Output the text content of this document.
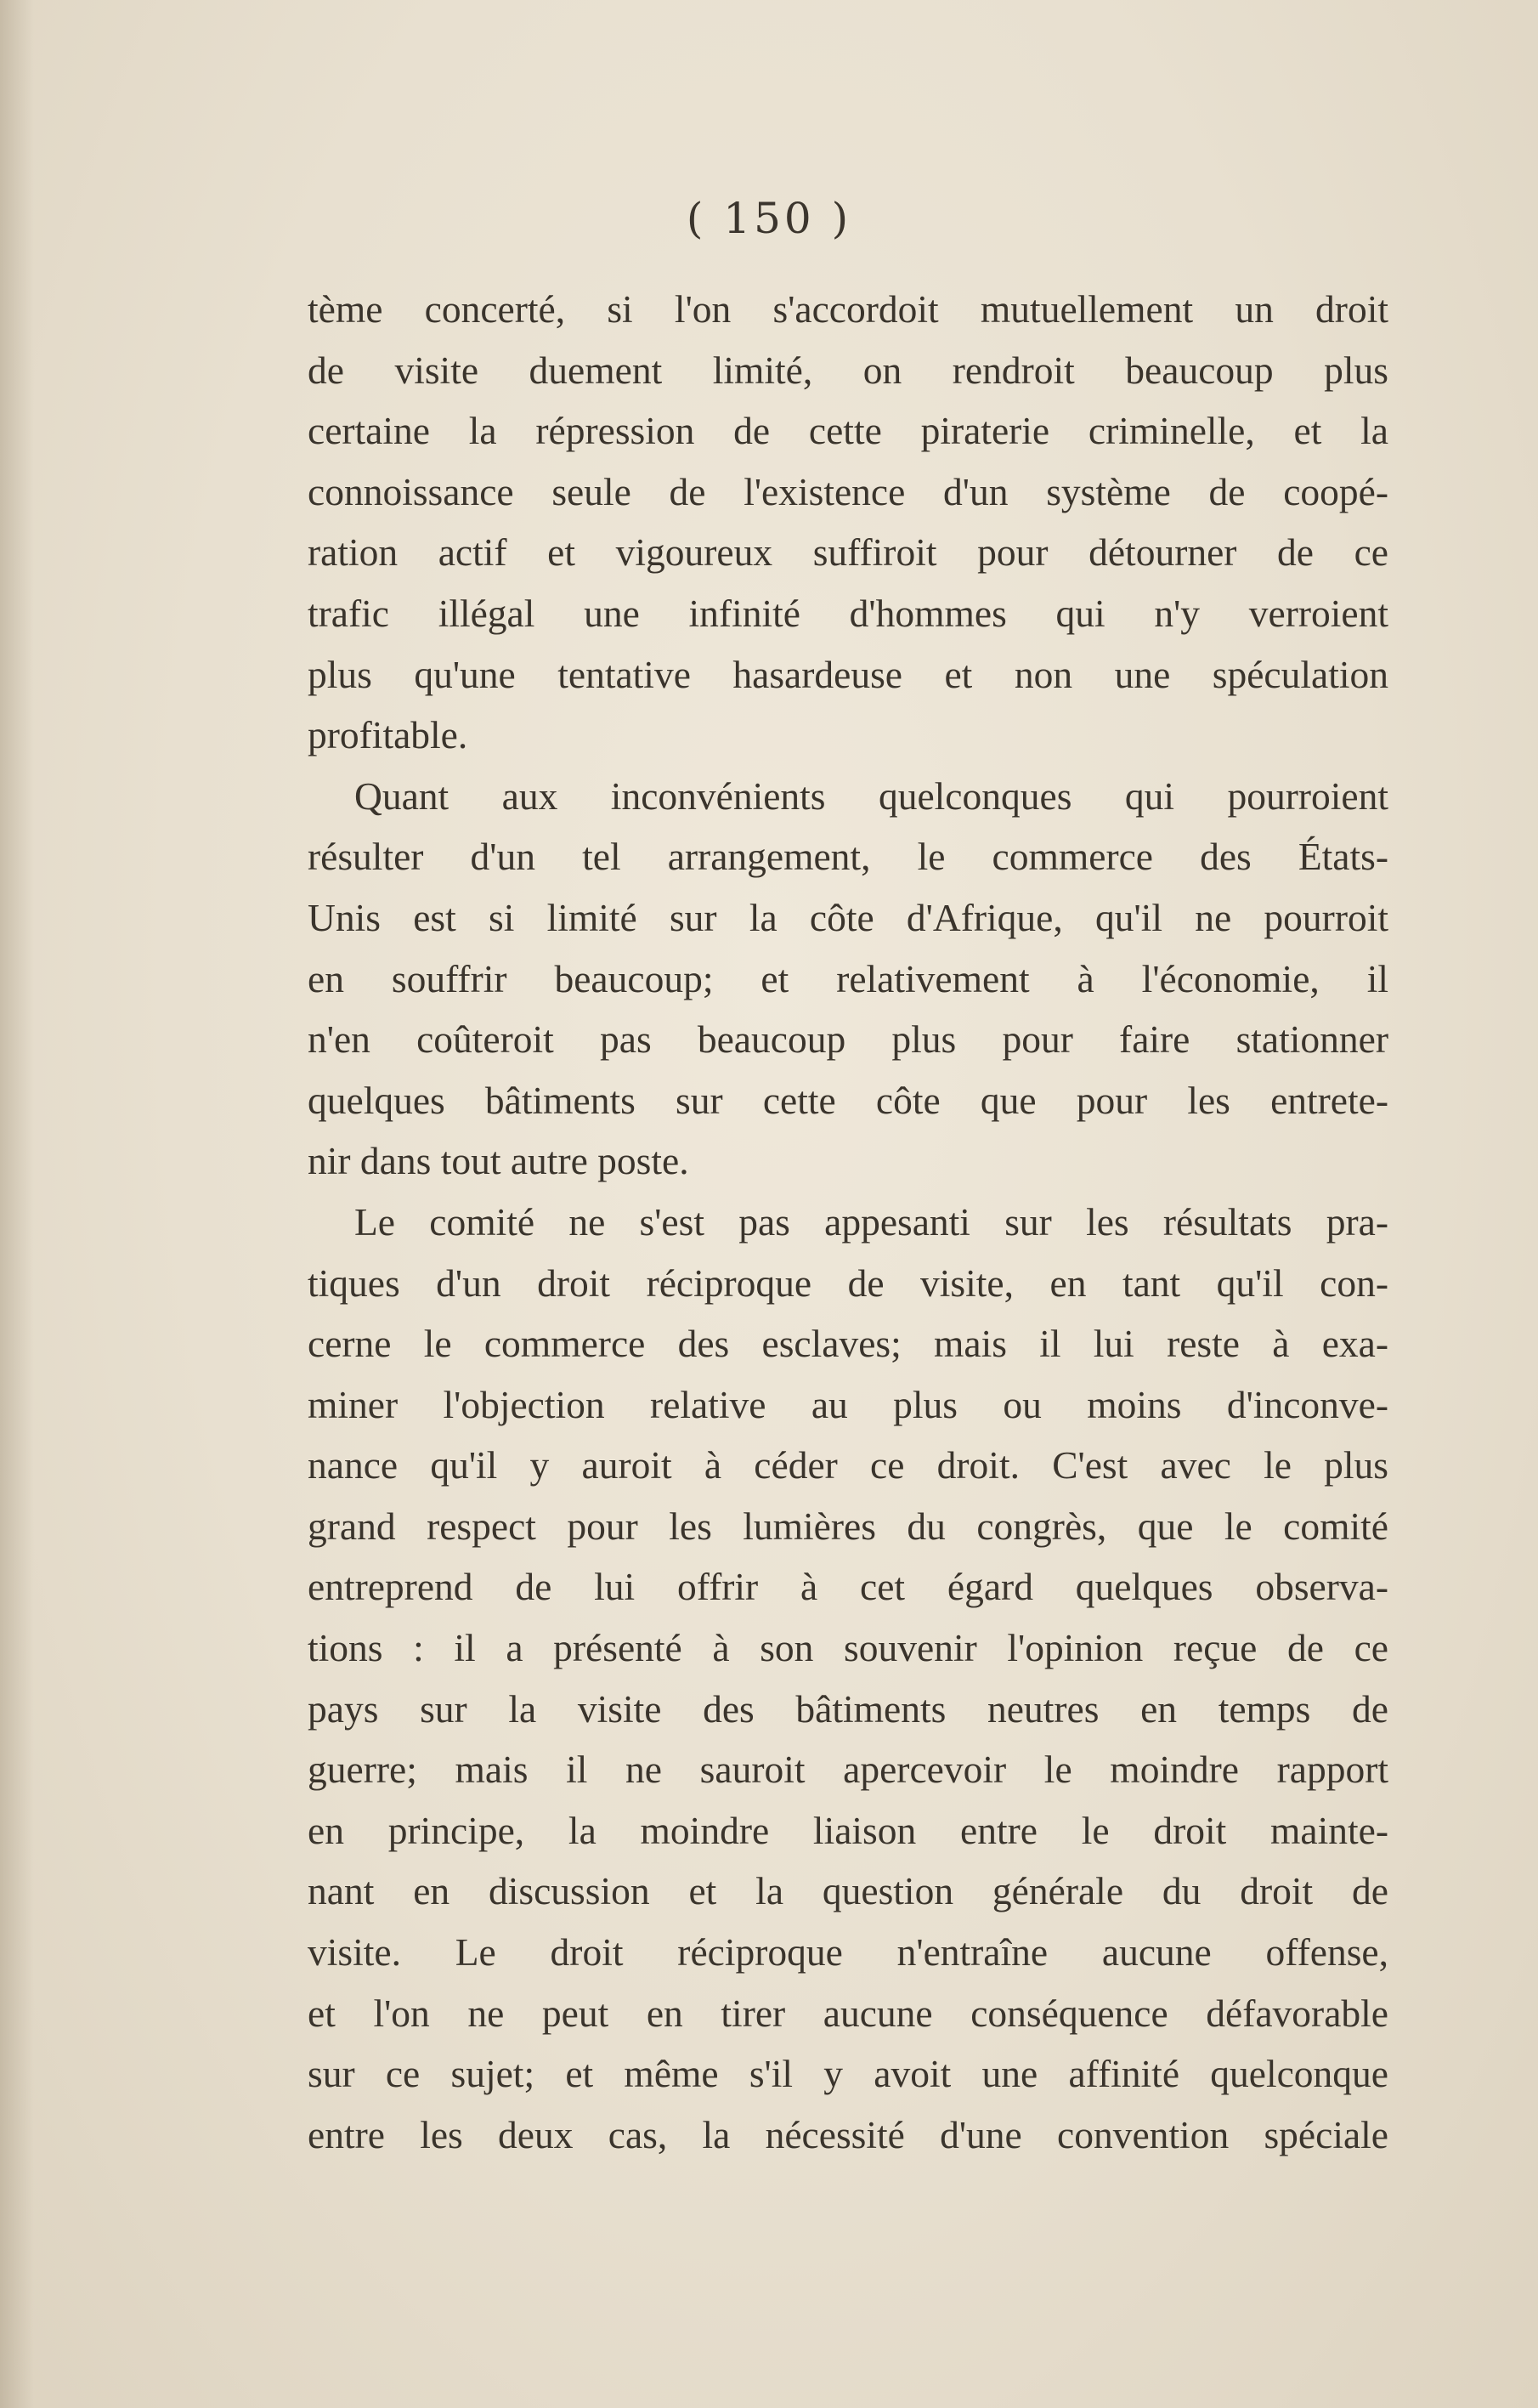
( 150 )
tème concerté, si l'on s'accordoit mutuellement un droit
de visite duement limité, on rendroit beaucoup plus
certaine la répression de cette piraterie criminelle, et la
connoissance seule de l'existence d'un système de coopé-
ration actif et vigoureux suffiroit pour détourner de ce
trafic illégal une infinité d'hommes qui n'y verroient
plus qu'une tentative hasardeuse et non une spéculation
profitable.
Quant aux inconvénients quelconques qui pourroient
résulter d'un tel arrangement, le commerce des États-
Unis est si limité sur la côte d'Afrique, qu'il ne pourroit
en souffrir beaucoup; et relativement à l'économie, il
n'en coûteroit pas beaucoup plus pour faire stationner
quelques bâtiments sur cette côte que pour les entrete-
nir dans tout autre poste.
Le comité ne s'est pas appesanti sur les résultats pra-
tiques d'un droit réciproque de visite, en tant qu'il con-
cerne le commerce des esclaves; mais il lui reste à exa-
miner l'objection relative au plus ou moins d'inconve-
nance qu'il y auroit à céder ce droit. C'est avec le plus
grand respect pour les lumières du congrès, que le comité
entreprend de lui offrir à cet égard quelques observa-
tions : il a présenté à son souvenir l'opinion reçue de ce
pays sur la visite des bâtiments neutres en temps de
guerre; mais il ne sauroit apercevoir le moindre rapport
en principe, la moindre liaison entre le droit mainte-
nant en discussion et la question générale du droit de
visite. Le droit réciproque n'entraîne aucune offense,
et l'on ne peut en tirer aucune conséquence défavorable
sur ce sujet; et même s'il y avoit une affinité quelconque
entre les deux cas, la nécessité d'une convention spéciale
